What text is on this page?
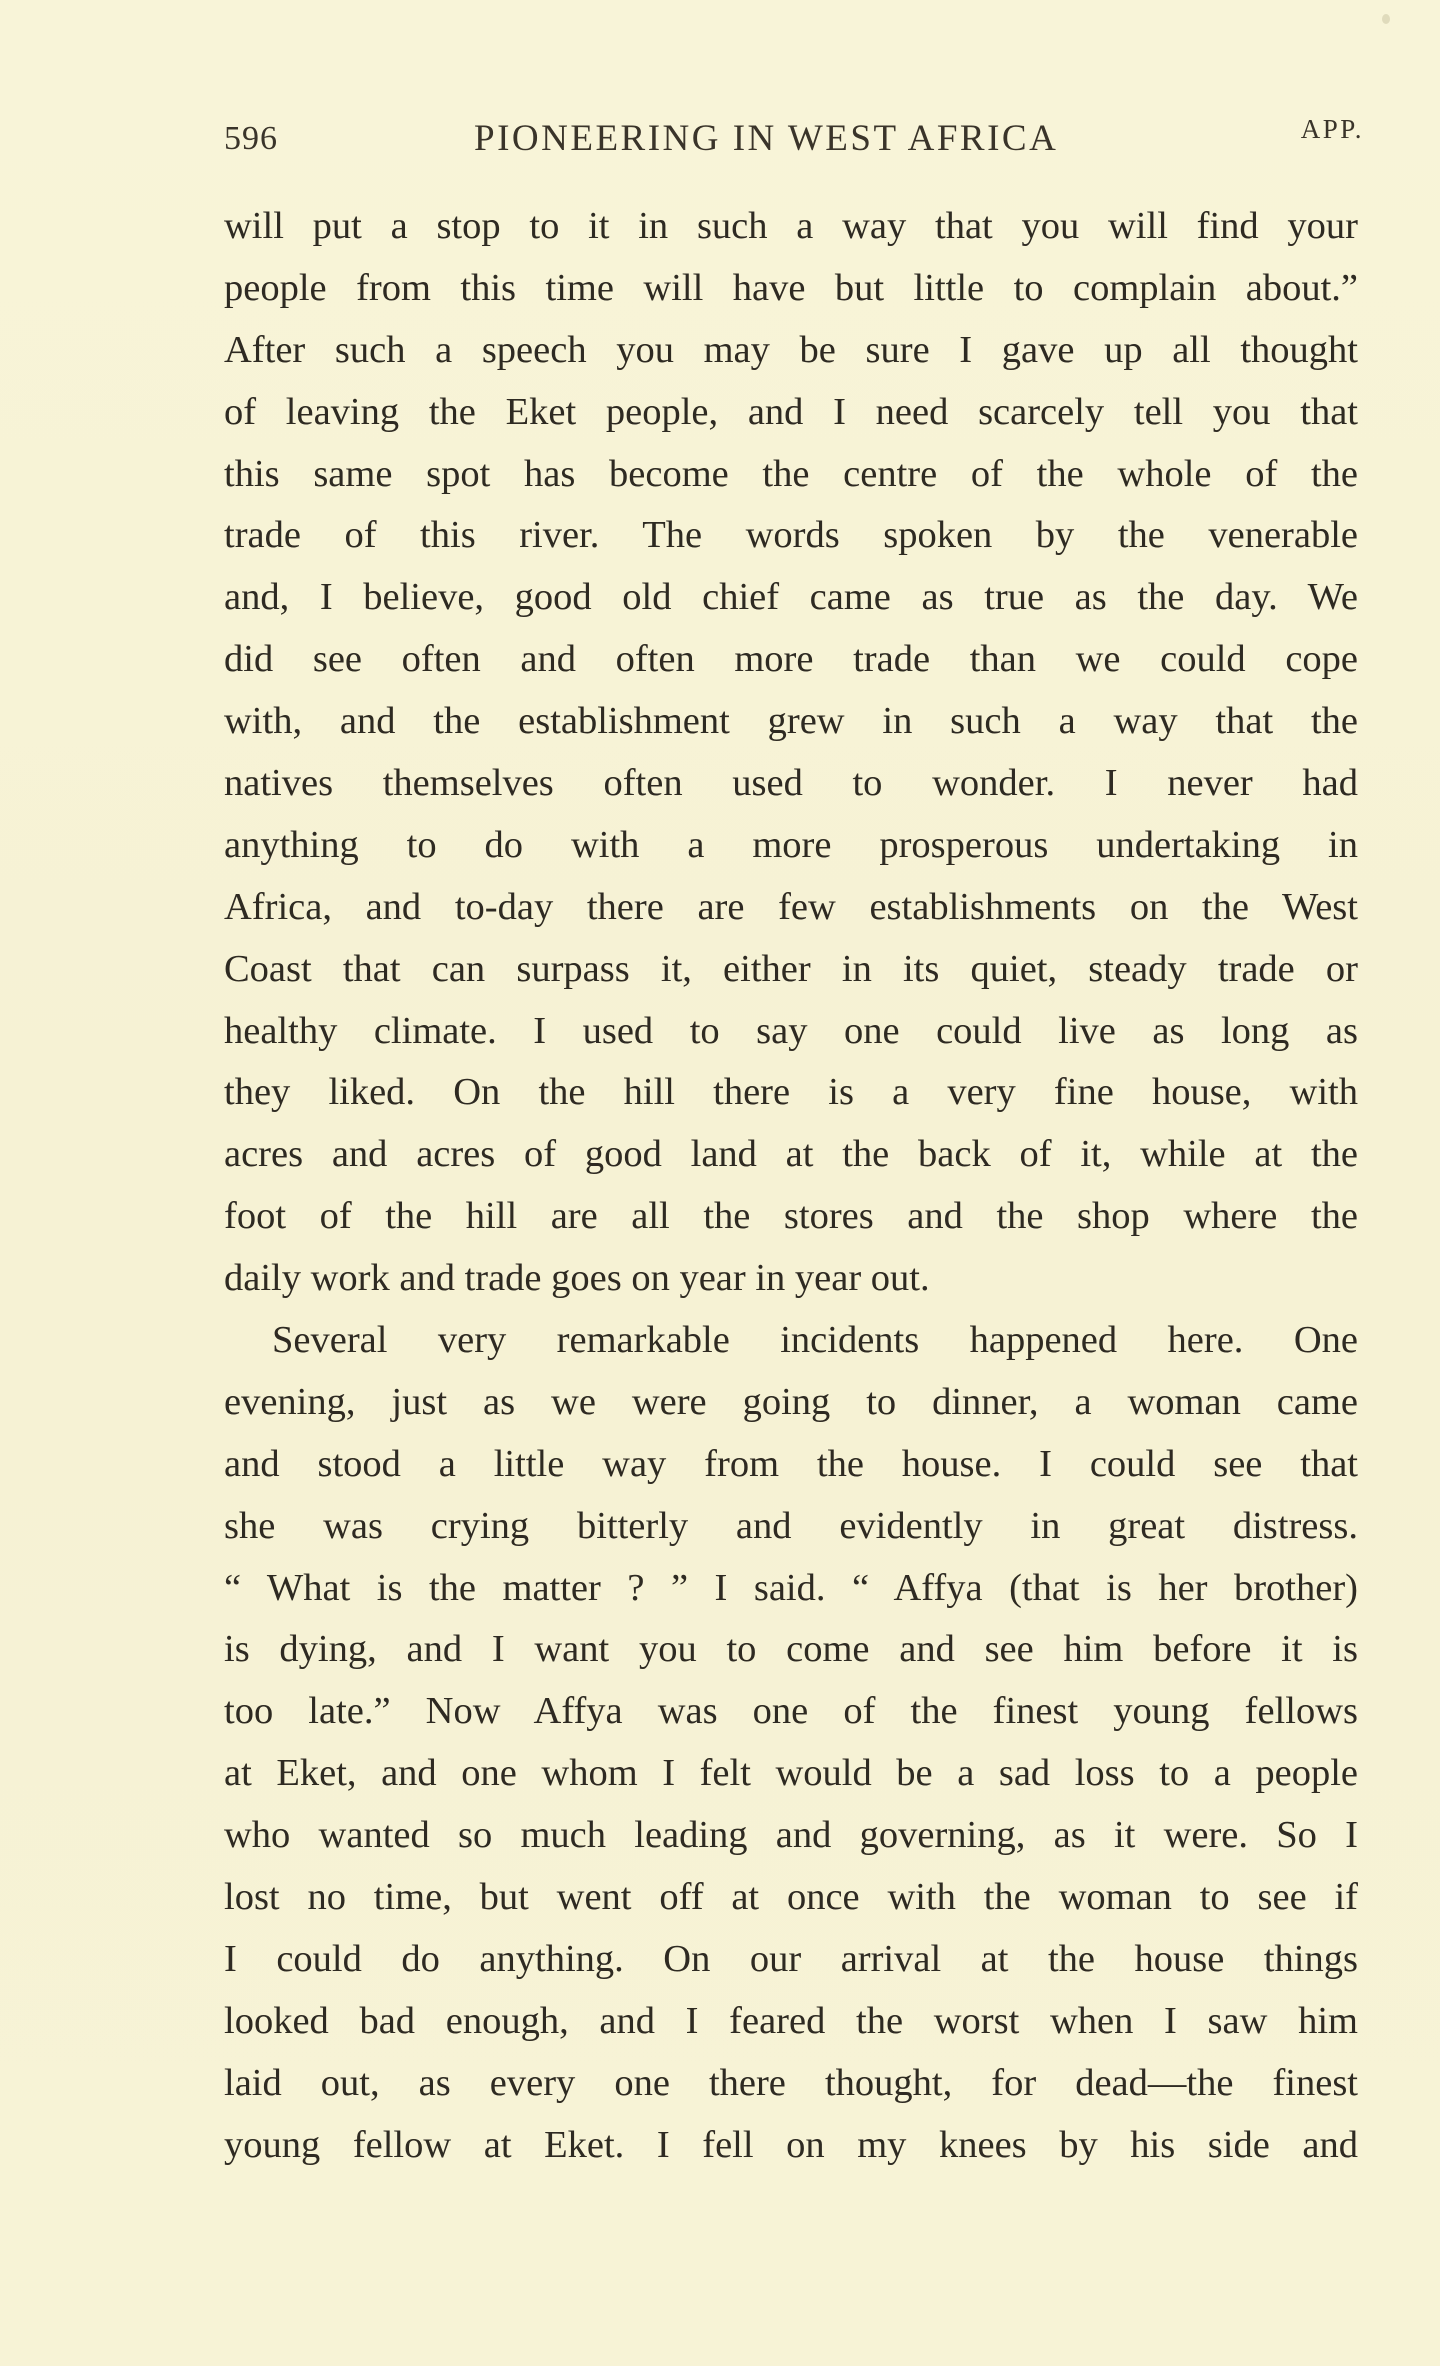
596	PIONEERING IN WEST AFRICA	APP.
will put a stop to it in such a way that you will find your
people from this time will have but little to complain about.”
After such a speech you may be sure I gave up all thought
of leaving the Eket people, and I need scarcely tell you that
this same spot has become the centre of the whole of the
trade of this river. The words spoken by the venerable
and, I believe, good old chief came as true as the day. We
did see often and often more trade than we could cope
with, and the establishment grew in such a way that the
natives themselves often used to wonder. I never had
anything to do with a more prosperous undertaking in
Africa, and to-day there are few establishments on the West
Coast that can surpass it, either in its quiet, steady trade or
healthy climate. I used to say one could live as long as
they liked. On the hill there is a very fine house, with
acres and acres of good land at the back of it, while at the
foot of the hill are all the stores and the shop where the
daily work and trade goes on year in year out.
Several very remarkable incidents happened here. One
evening, just as we were going to dinner, a woman came
and stood a little way from the house. I could see that
she was crying bitterly and evidently in great distress.
“ What is the matter ? ” I said. “ Affya (that is her brother)
is dying, and I want you to come and see him before it is
too late.” Now Affya was one of the finest young fellows
at Eket, and one whom I felt would be a sad loss to a people
who wanted so much leading and governing, as it were. So I
lost no time, but went off at once with the woman to see if
I could do anything. On our arrival at the house things
looked bad enough, and I feared the worst when I saw him
laid out, as every one there thought, for dead—the finest
young fellow at Eket. I fell on my knees by his side and
